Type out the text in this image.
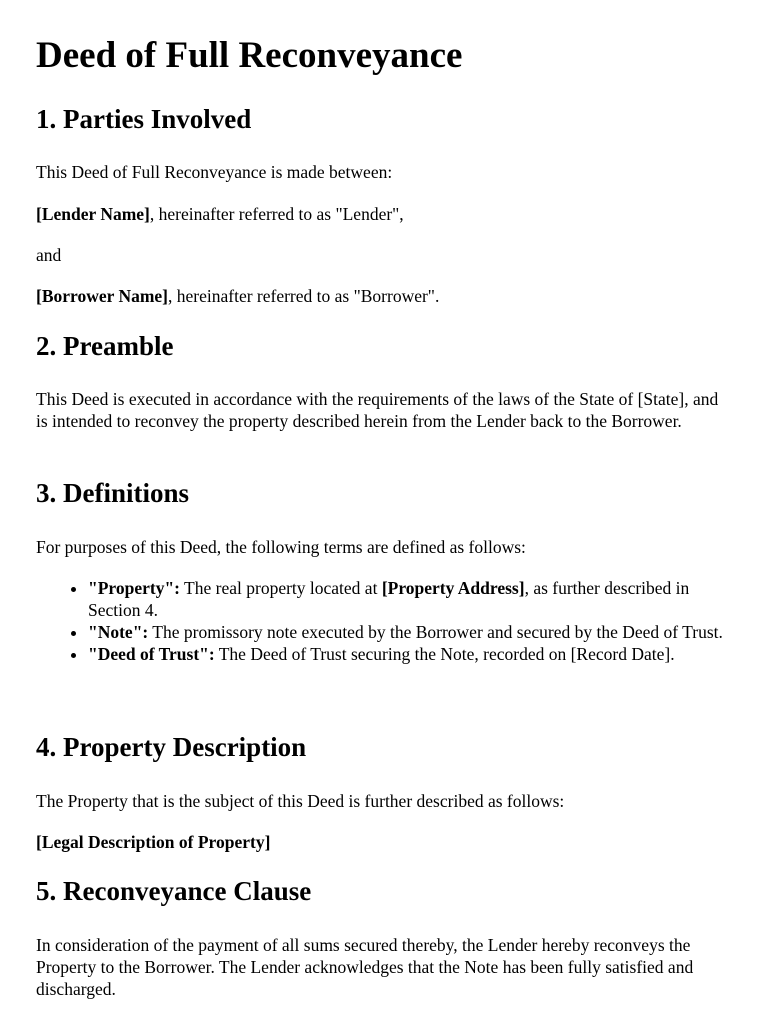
Deed of Full Reconveyance
1. Parties Involved

This Deed of Full Reconveyance is made between:

[Lender Name], hereinafter referred to as "Lender",

and

[Borrower Name], hereinafter referred to as "Borrower".

2. Preamble

This Deed is executed in accordance with the requirements of the laws of the State of [State], and is intended to reconvey the property described herein from the Lender back to the Borrower.

3. Definitions

For purposes of this Deed, the following terms are defined as follows:

• "Property": The real property located at [Property Address], as further described in Section 4.
• "Note": The promissory note executed by the Borrower and secured by the Deed of Trust.
• "Deed of Trust": The Deed of Trust securing the Note, recorded on [Record Date].
4. Property Description

The Property that is the subject of this Deed is further described as follows:

[Legal Description of Property]

5. Reconveyance Clause

In consideration of the payment of all sums secured thereby, the Lender hereby reconveys the Property to the Borrower. The Lender acknowledges that the Note has been fully satisfied and discharged.
